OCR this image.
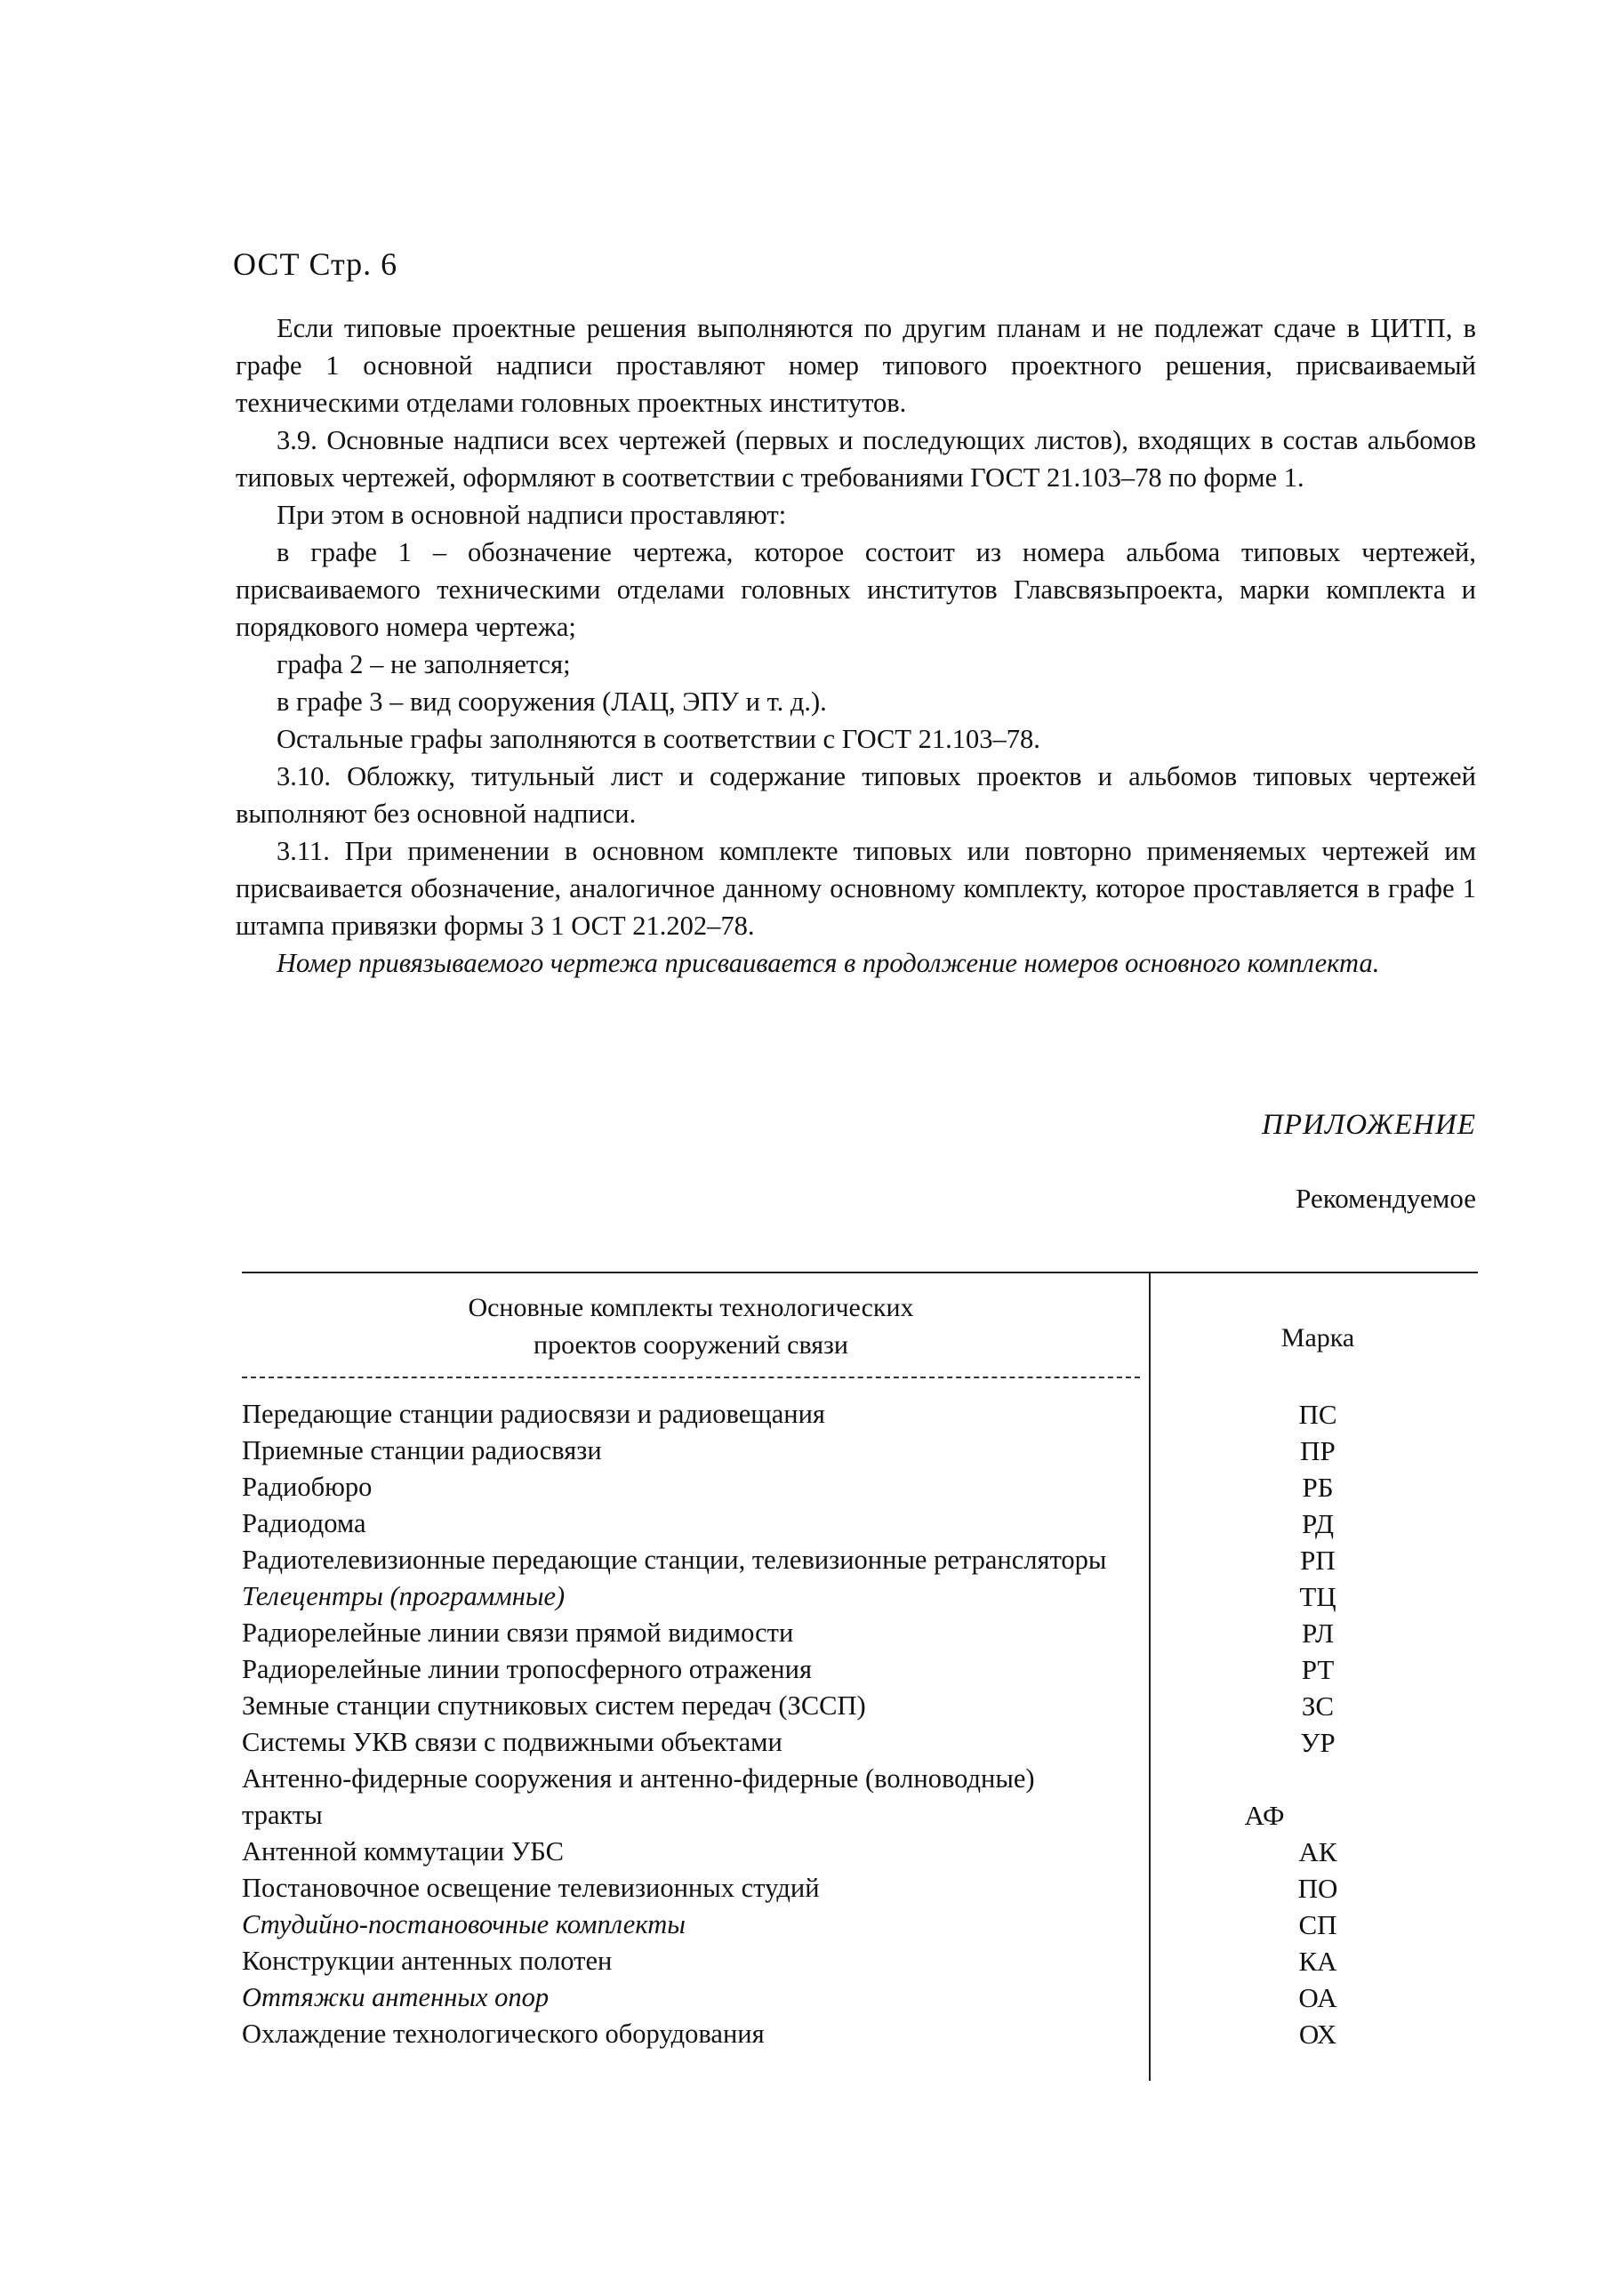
ОСТ Стр. 6

Если типовые проектные решения выполняются по другим планам и не подлежат сдаче в ЦИТП, в графе 1 основной надписи проставляют номер типового проектного решения, присваиваемый техническими отделами головных проектных институтов.

3.9. Основные надписи всех чертежей (первых и последующих листов), входящих в состав альбомов типовых чертежей, оформляют в соответствии с требованиями ГОСТ 21.103–78 по форме 1.

При этом в основной надписи проставляют:

в графе 1 – обозначение чертежа, которое состоит из номера альбома типовых чертежей, присваиваемого техническими отделами головных институтов Главсвязьпроекта, марки комплекта и порядкового номера чертежа;

графа 2 – не заполняется;

в графе 3 – вид сооружения (ЛАЦ, ЭПУ и т. д.).

Остальные графы заполняются в соответствии с ГОСТ 21.103–78.

3.10. Обложку, титульный лист и содержание типовых проектов и альбомов типовых чертежей выполняют без основной надписи.

3.11. При применении в основном комплекте типовых или повторно применяемых чертежей им присваивается обозначение, аналогичное данному основному комплекту, которое проставляется в графе 1 штампа привязки формы 3 1 ОСТ 21.202–78.

Номер привязываемого чертежа присваивается в продолжение номеров основного комплекта.

ПРИЛОЖЕНИЕ
Рекомендуемое
Основные комплекты технологических
проектов сооружений связи	Марка
Передающие станции радиосвязи и радиовещания	ПС
Приемные станции радиосвязи	ПР
Радиобюро	РБ
Радиодома	РД
Радиотелевизионные передающие станции, телевизионные ретрансляторы	РП
Телецентры (программные)	ТЦ
Радиорелейные линии связи прямой видимости	РЛ
Радиорелейные линии тропосферного отражения	РТ
Земные станции спутниковых систем передач (ЗССП)	ЗС
Системы УКВ связи с подвижными объектами	УР
Антенно-фидерные сооружения и антенно-фидерные (волноводные) тракты	АФ
Антенной коммутации УБС	АК
Постановочное освещение телевизионных студий	ПО
Студийно-постановочные комплекты	СП
Конструкции антенных полотен	КА
Оттяжки антенных опор	ОА
Охлаждение технологического оборудования	ОХ
